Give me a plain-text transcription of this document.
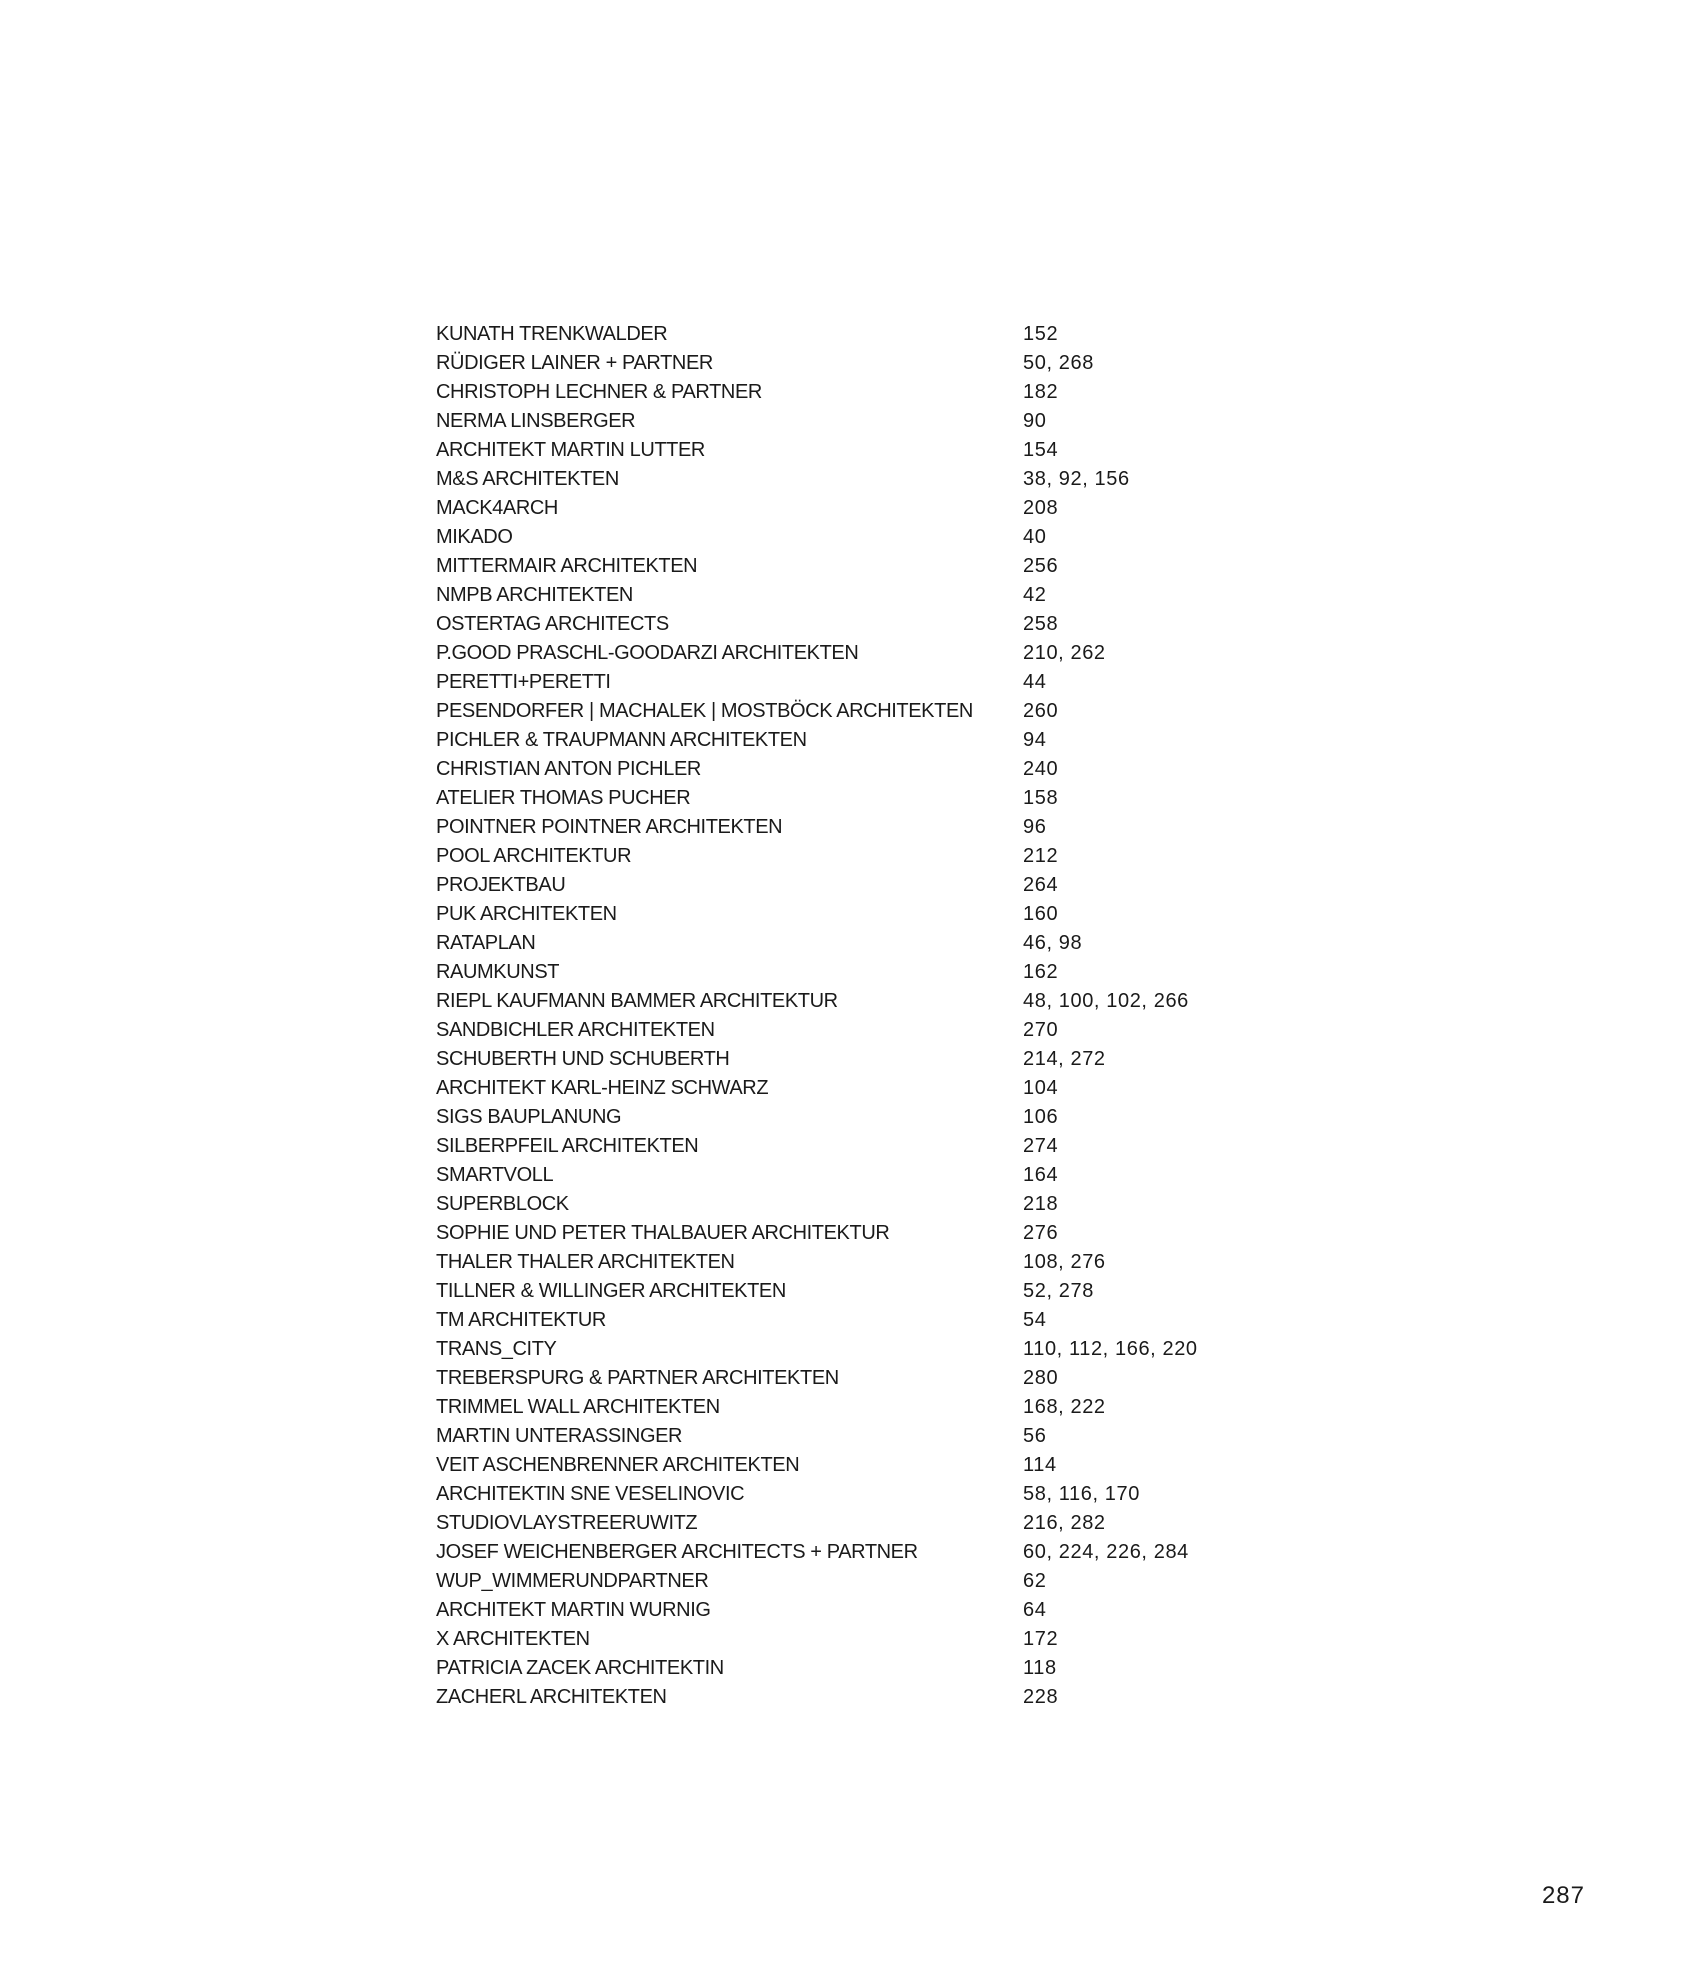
KUNATH TRENKWALDER	152
RÜDIGER LAINER + PARTNER	50, 268
CHRISTOPH LECHNER & PARTNER	182
NERMA LINSBERGER	90
ARCHITEKT MARTIN LUTTER	154
M&S ARCHITEKTEN	38, 92, 156
MACK4ARCH	208
MIKADO	40
MITTERMAIR ARCHITEKTEN	256
NMPB ARCHITEKTEN	42
OSTERTAG ARCHITECTS	258
P.GOOD PRASCHL-GOODARZI ARCHITEKTEN	210, 262
PERETTI+PERETTI	44
PESENDORFER | MACHALEK | MOSTBÖCK ARCHITEKTEN	260
PICHLER & TRAUPMANN ARCHITEKTEN	94
CHRISTIAN ANTON PICHLER	240
ATELIER THOMAS PUCHER	158
POINTNER POINTNER ARCHITEKTEN	96
POOL ARCHITEKTUR	212
PROJEKTBAU	264
PUK ARCHITEKTEN	160
RATAPLAN	46, 98
RAUMKUNST	162
RIEPL KAUFMANN BAMMER ARCHITEKTUR	48, 100, 102, 266
SANDBICHLER ARCHITEKTEN	270
SCHUBERTH UND SCHUBERTH	214, 272
ARCHITEKT KARL-HEINZ SCHWARZ	104
SIGS BAUPLANUNG	106
SILBERPFEIL ARCHITEKTEN	274
SMARTVOLL	164
SUPERBLOCK	218
SOPHIE UND PETER THALBAUER ARCHITEKTUR	276
THALER THALER ARCHITEKTEN	108, 276
TILLNER & WILLINGER ARCHITEKTEN	52, 278
TM ARCHITEKTUR	54
TRANS_CITY	110, 112, 166, 220
TREBERSPURG & PARTNER ARCHITEKTEN	280
TRIMMEL WALL ARCHITEKTEN	168, 222
MARTIN UNTERASSINGER	56
VEIT ASCHENBRENNER ARCHITEKTEN	114
ARCHITEKTIN SNE VESELINOVIC	58, 116, 170
STUDIOVLAYSTREERUWITZ	216, 282
JOSEF WEICHENBERGER ARCHITECTS + PARTNER	60, 224, 226, 284
WUP_WIMMERUNDPARTNER	62
ARCHITEKT MARTIN WURNIG	64
X ARCHITEKTEN	172
PATRICIA ZACEK ARCHITEKTIN	118
ZACHERL ARCHITEKTEN	228
287
